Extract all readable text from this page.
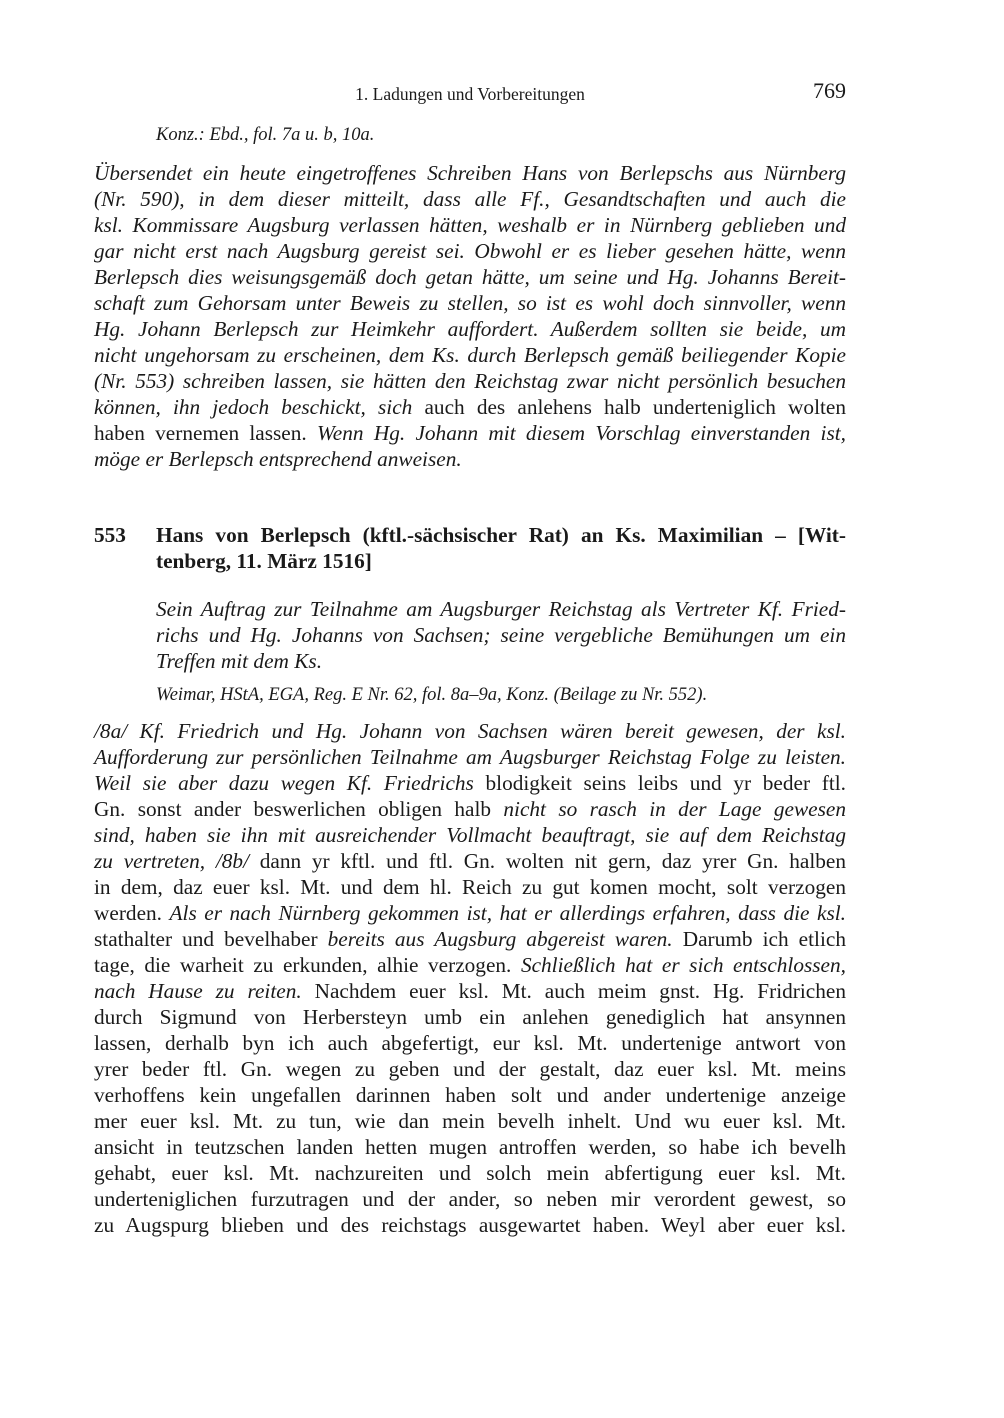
1. Ladungen und Vorbereitungen	769
Konz.: Ebd., fol. 7a u. b, 10a.
Übersendet ein heute eingetroffenes Schreiben Hans von Berlepschs aus Nürnberg
(Nr. 590), in dem dieser mitteilt, dass alle Ff., Gesandtschaften und auch die
ksl. Kommissare Augsburg verlassen hätten, weshalb er in Nürnberg geblieben und
gar nicht erst nach Augsburg gereist sei. Obwohl er es lieber gesehen hätte, wenn
Berlepsch dies weisungsgemäß doch getan hätte, um seine und Hg. Johanns Bereit-
schaft zum Gehorsam unter Beweis zu stellen, so ist es wohl doch sinnvoller, wenn
Hg. Johann Berlepsch zur Heimkehr auffordert. Außerdem sollten sie beide, um
nicht ungehorsam zu erscheinen, dem Ks. durch Berlepsch gemäß beiliegender Kopie
(Nr. 553) schreiben lassen, sie hätten den Reichstag zwar nicht persönlich besuchen
können, ihn jedoch beschickt, sich auch des anlehens halb underteniglich wolten
haben vernemen lassen. Wenn Hg. Johann mit diesem Vorschlag einverstanden ist,
möge er Berlepsch entsprechend anweisen.
553 Hans von Berlepsch (kftl.-sächsischer Rat) an Ks. Maximilian – [Wit-
tenberg, 11. März 1516]
Sein Auftrag zur Teilnahme am Augsburger Reichstag als Vertreter Kf. Fried-
richs und Hg. Johanns von Sachsen; seine vergebliche Bemühungen um ein
Treffen mit dem Ks.
Weimar, HStA, EGA, Reg. E Nr. 62, fol. 8a–9a, Konz. (Beilage zu Nr. 552).
/8a/ Kf. Friedrich und Hg. Johann von Sachsen wären bereit gewesen, der ksl.
Aufforderung zur persönlichen Teilnahme am Augsburger Reichstag Folge zu leisten.
Weil sie aber dazu wegen Kf. Friedrichs blodigkeit seins leibs und yr beder ftl.
Gn. sonst ander beswerlichen obligen halb nicht so rasch in der Lage gewesen
sind, haben sie ihn mit ausreichender Vollmacht beauftragt, sie auf dem Reichstag
zu vertreten, /8b/ dann yr kftl. und ftl. Gn. wolten nit gern, daz yrer Gn. halben
in dem, daz euer ksl. Mt. und dem hl. Reich zu gut komen mocht, solt verzogen
werden. Als er nach Nürnberg gekommen ist, hat er allerdings erfahren, dass die ksl.
stathalter und bevelhaber bereits aus Augsburg abgereist waren. Darumb ich etlich
tage, die warheit zu erkunden, alhie verzogen. Schließlich hat er sich entschlossen,
nach Hause zu reiten. Nachdem euer ksl. Mt. auch meim gnst. Hg. Fridrichen
durch Sigmund von Herbersteyn umb ein anlehen genediglich hat ansynnen
lassen, derhalb byn ich auch abgefertigt, eur ksl. Mt. undertenige antwort von
yrer beder ftl. Gn. wegen zu geben und der gestalt, daz euer ksl. Mt. meins
verhoffens kein ungefallen darinnen haben solt und ander undertenige anzeige
mer euer ksl. Mt. zu tun, wie dan mein bevelh inhelt. Und wu euer ksl. Mt.
ansicht in teutzschen landen hetten mugen antroffen werden, so habe ich bevelh
gehabt, euer ksl. Mt. nachzureiten und solch mein abfertigung euer ksl. Mt.
underteniglichen furzutragen und der ander, so neben mir verordent gewest, so
zu Augspurg blieben und des reichstags ausgewartet haben. Weyl aber euer ksl.
